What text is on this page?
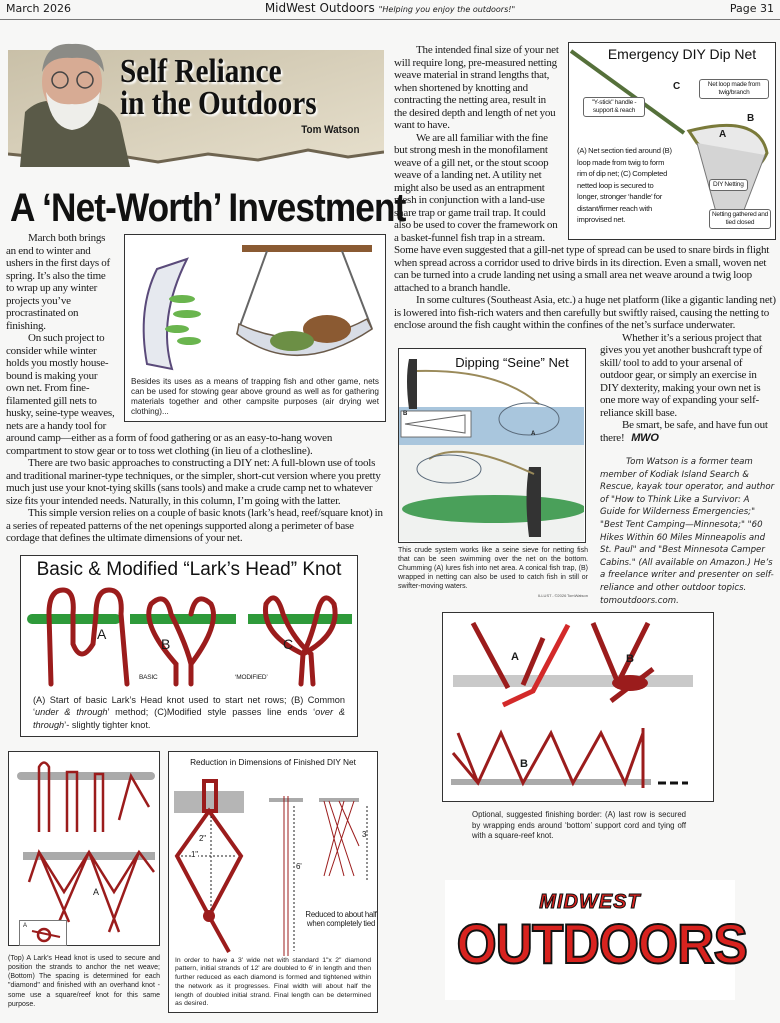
March 2026	MidWest Outdoors "Helping you enjoy the outdoors!"	Page 31
Self Reliance
in the Outdoors
Tom Watson
A ‘Net-Worth’ Investment
Besides its uses as a means of trapping fish and other game, nets can be used for stowing gear above ground as well as for gathering materials together and other campsite purposes (air drying wet clothing)...

March both brings an end to winter and ushers in the first days of spring. It’s also the time to wrap up any winter projects you’ve procrastinated on finishing.

On such project to consider while winter holds you mostly house-bound is making your own net. From fine-filamented gill nets to husky, seine-type weaves, nets are a handy tool for around camp—either as a form of food gathering or as an easy-to-hang woven compartment to stow gear or to toss wet clothing (in lieu of a clothesline).

There are two basic approaches to constructing a DIY net: A full-blown use of tools and traditional mariner-type techniques, or the simpler, short-cut version where you pretty much just use your knot-tying skills (sans tools) and make a crude camp net to whatever size fits your intended needs. Naturally, in this column, I’m going with the latter.

This simple version relies on a couple of basic knots (lark’s head, reef/square knot) in a series of repeated patterns of the net openings supported along a perimeter of base cordage that defines the ultimate dimensions of your net.

Basic & Modified “Lark’s Head” Knot
A
B	C
BASIC	‘MODIFIED’
(A) Start of basic Lark’s Head knot used to start net rows; (B) Common ‘under & through’ method; (C)Modified style passes line ends ‘over & through’- slightly tighter knot.
A
A
(Top) A Lark’s Head knot is used to secure and position the strands to anchor the net weave; (Bottom) The spacing is determined for each "diamond" and finished with an overhand knot - some use a square/reef knot for this same purpose.
Reduction in Dimensions of Finished DIY Net
2"
1"
6'
3'
Reduced to about half when completely tied
In order to have a 3' wide net with standard 1"x 2" diamond pattern, initial strands of 12' are doubled to 6' in length and then further reduced as each diamond is formed and tightened within the network as it progresses. Final width will about half the length of doubled initial strand. Final length can be determined as desired.
Emergency DIY Dip Net
C
B
A
"Y-stick" handle - support & reach
Net loop made from twig/branch
DIY Netting
Netting gathered and tied closed
(A) Net section tied around (B) loop made from twig to form rim of dip net; (C) Completed netted loop is secured to longer, stronger ‘handle’ for distant/firmer reach with improvised net.

The intended final size of your net will require long, pre-measured netting weave material in strand lengths that, when shortened by knotting and contracting the netting area, result in the desired depth and length of net you want to have.

We are all familiar with the fine but strong mesh in the monofilament weave of a gill net, or the stout scoop weave of a landing net. A utility net might also be used as an entrapment mesh in conjunction with a land-use snare trap or game trail trap. It could also be used to cover the framework on a basket-funnel fish trap in a stream. Some have even suggested that a gill-net type of spread can be used to snare birds in flight when spread across a corridor used to drive birds in its direction. Even a small, woven net can be turned into a crude landing net using a small area net weave around a twig loop attached to a branch handle.

In some cultures (Southeast Asia, etc.) a huge net platform (like a gigantic landing net) is lowered into fish-rich waters and then carefully but swiftly raised, causing the netting to enclose around the fish caught within the confines of the net’s surface underwater.

B
A
Dipping “Seine” Net
This crude system works like a seine sieve for netting fish that can be seen swimming over the net on the bottom. Chumming (A) lures fish into net area. A conical fish trap, (B) wrapped in netting can also be used to catch fish in still or swifter-moving waters.
ILLUST - ©2026 TomWatson

Whether it’s a serious project that gives you yet another bushcraft type of skill/ tool to add to your arsenal of outdoor gear, or simply an exercise in DIY dexterity, making your own net is one more way of expanding your self-reliance skill base.

Be smart, be safe, and have fun out there! MWO

Tom Watson is a former team member of Kodiak Island Search & Rescue, kayak tour operator, and author of "How to Think Like a Survivor: A Guide for Wilderness Emergencies;" "Best Tent Camping—Minnesota;" "60 Hikes Within 60 Miles Minneapolis and St. Paul" and "Best Minnesota Camper Cabins." (All available on Amazon.) He’s a freelance writer and presenter on self-reliance and other outdoor topics. tomoutdoors.com.
A	B
B
Optional, suggested finishing border: (A) last row is secured by wrapping ends around ‘bottom’ support cord and tying off with a square-reef knot.
MIDWEST
OUTDOORS
